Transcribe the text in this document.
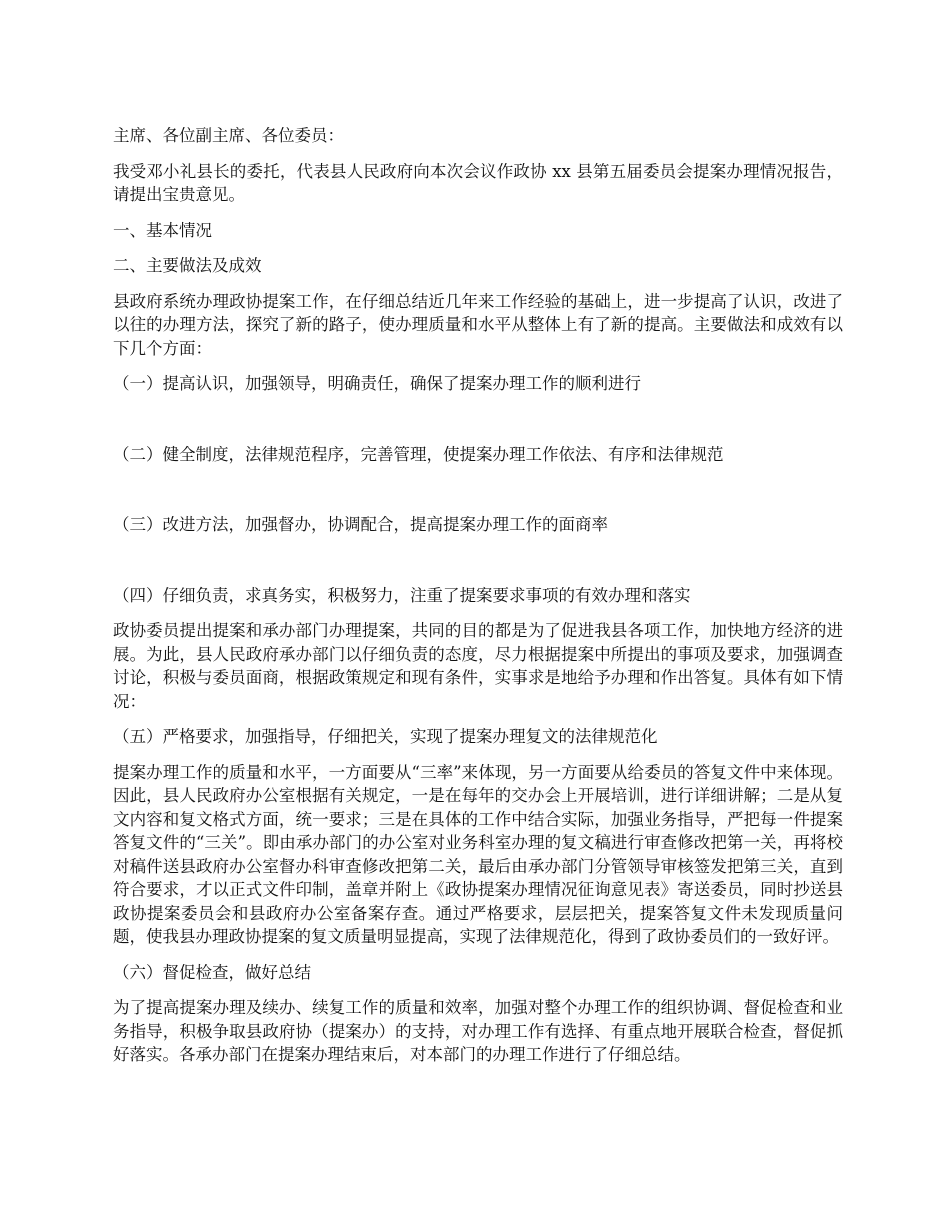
主席、各位副主席、各位委员：

我受邓小礼县长的委托，代表县人民政府向本次会议作政协 xx 县第五届委员会提案办理情况报告，请提出宝贵意见。

一、基本情况

二、主要做法及成效

县政府系统办理政协提案工作，在仔细总结近几年来工作经验的基础上，进一步提高了认识，改进了以往的办理方法，探究了新的路子，使办理质量和水平从整体上有了新的提高。主要做法和成效有以下几个方面：

（一）提高认识，加强领导，明确责任，确保了提案办理工作的顺利进行

（二）健全制度，法律规范程序，完善管理，使提案办理工作依法、有序和法律规范

（三）改进方法，加强督办，协调配合，提高提案办理工作的面商率

（四）仔细负责，求真务实，积极努力，注重了提案要求事项的有效办理和落实

政协委员提出提案和承办部门办理提案，共同的目的都是为了促进我县各项工作，加快地方经济的进展。为此，县人民政府承办部门以仔细负责的态度，尽力根据提案中所提出的事项及要求，加强调查讨论，积极与委员面商，根据政策规定和现有条件，实事求是地给予办理和作出答复。具体有如下情况：

（五）严格要求，加强指导，仔细把关，实现了提案办理复文的法律规范化

提案办理工作的质量和水平，一方面要从“三率”来体现，另一方面要从给委员的答复文件中来体现。因此，县人民政府办公室根据有关规定，一是在每年的交办会上开展培训，进行详细讲解；二是从复文内容和复文格式方面，统一要求；三是在具体的工作中结合实际，加强业务指导，严把每一件提案答复文件的“三关”。即由承办部门的办公室对业务科室办理的复文稿进行审查修改把第一关，再将校对稿件送县政府办公室督办科审查修改把第二关，最后由承办部门分管领导审核签发把第三关，直到符合要求，才以正式文件印制，盖章并附上《政协提案办理情况征询意见表》寄送委员，同时抄送县政协提案委员会和县政府办公室备案存查。通过严格要求，层层把关，提案答复文件未发现质量问题，使我县办理政协提案的复文质量明显提高，实现了法律规范化，得到了政协委员们的一致好评。

（六）督促检查，做好总结

为了提高提案办理及续办、续复工作的质量和效率，加强对整个办理工作的组织协调、督促检查和业务指导，积极争取县政府协（提案办）的支持，对办理工作有选择、有重点地开展联合检查，督促抓好落实。各承办部门在提案办理结束后，对本部门的办理工作进行了仔细总结。
